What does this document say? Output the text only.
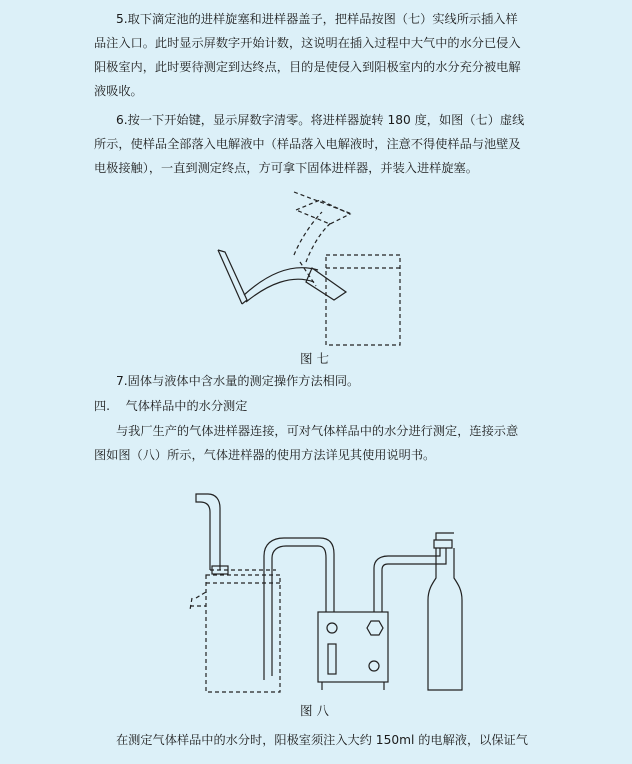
5.取下滴定池的进样旋塞和进样器盖子，把样品按图（七）实线所示插入样
品注入口。此时显示屏数字开始计数，这说明在插入过程中大气中的水分已侵入
阳极室内，此时要待测定到达终点，目的是使侵入到阳极室内的水分充分被电解
液吸收。
6.按一下开始键，显示屏数字清零。将进样器旋转 180 度，如图（七）虚线
所示，使样品全部落入电解液中（样品落入电解液时，注意不得使样品与池壁及
电极接触），一直到测定终点，方可拿下固体进样器，并装入进样旋塞。
图 七
7.固体与液体中含水量的测定操作方法相同。
四.    气体样品中的水分测定
与我厂生产的气体进样器连接，可对气体样品中的水分进行测定，连接示意
图如图（八）所示，气体进样器的使用方法详见其使用说明书。
图 八
在测定气体样品中的水分时，阳极室须注入大约 150ml 的电解液，以保证气
